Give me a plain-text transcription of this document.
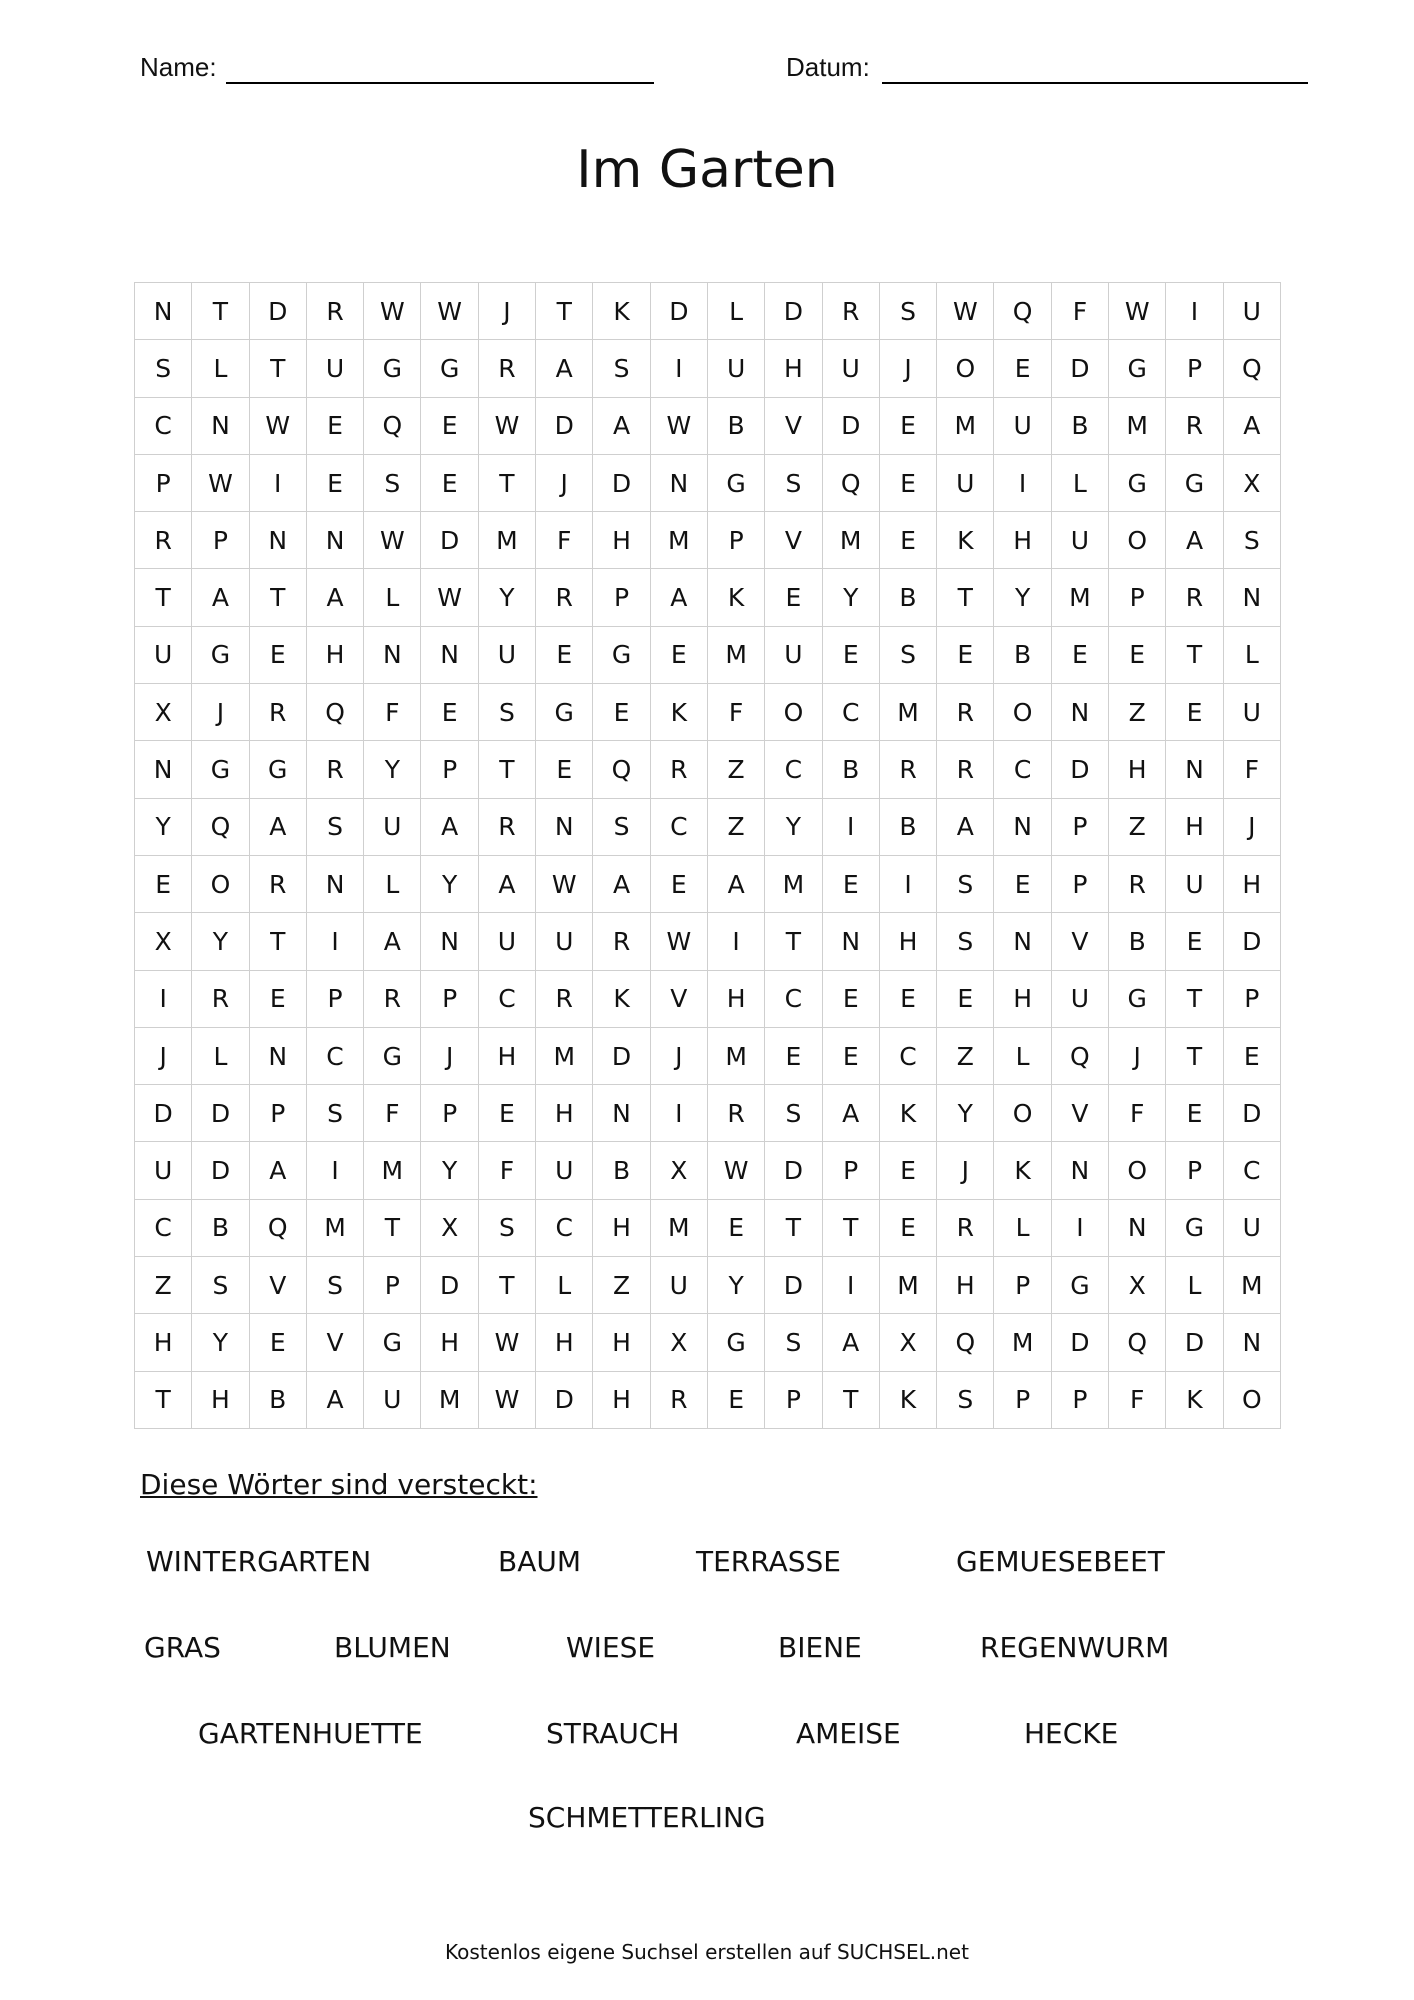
Name:	Datum:
Im Garten
N	T	D	R	W	W	J	T	K	D	L	D	R	S	W	Q	F	W	I	U
S	L	T	U	G	G	R	A	S	I	U	H	U	J	O	E	D	G	P	Q
C	N	W	E	Q	E	W	D	A	W	B	V	D	E	M	U	B	M	R	A
P	W	I	E	S	E	T	J	D	N	G	S	Q	E	U	I	L	G	G	X
R	P	N	N	W	D	M	F	H	M	P	V	M	E	K	H	U	O	A	S
T	A	T	A	L	W	Y	R	P	A	K	E	Y	B	T	Y	M	P	R	N
U	G	E	H	N	N	U	E	G	E	M	U	E	S	E	B	E	E	T	L
X	J	R	Q	F	E	S	G	E	K	F	O	C	M	R	O	N	Z	E	U
N	G	G	R	Y	P	T	E	Q	R	Z	C	B	R	R	C	D	H	N	F
Y	Q	A	S	U	A	R	N	S	C	Z	Y	I	B	A	N	P	Z	H	J
E	O	R	N	L	Y	A	W	A	E	A	M	E	I	S	E	P	R	U	H
X	Y	T	I	A	N	U	U	R	W	I	T	N	H	S	N	V	B	E	D
I	R	E	P	R	P	C	R	K	V	H	C	E	E	E	H	U	G	T	P
J	L	N	C	G	J	H	M	D	J	M	E	E	C	Z	L	Q	J	T	E
D	D	P	S	F	P	E	H	N	I	R	S	A	K	Y	O	V	F	E	D
U	D	A	I	M	Y	F	U	B	X	W	D	P	E	J	K	N	O	P	C
C	B	Q	M	T	X	S	C	H	M	E	T	T	E	R	L	I	N	G	U
Z	S	V	S	P	D	T	L	Z	U	Y	D	I	M	H	P	G	X	L	M
H	Y	E	V	G	H	W	H	H	X	G	S	A	X	Q	M	D	Q	D	N
T	H	B	A	U	M	W	D	H	R	E	P	T	K	S	P	P	F	K	O
Diese Wörter sind versteckt:
WINTERGARTEN	BAUM	TERRASSE	GEMUESEBEET
GRAS	BLUMEN	WIESE	BIENE	REGENWURM
GARTENHUETTE	STRAUCH	AMEISE	HECKE
SCHMETTERLING
Kostenlos eigene Suchsel erstellen auf SUCHSEL.net
